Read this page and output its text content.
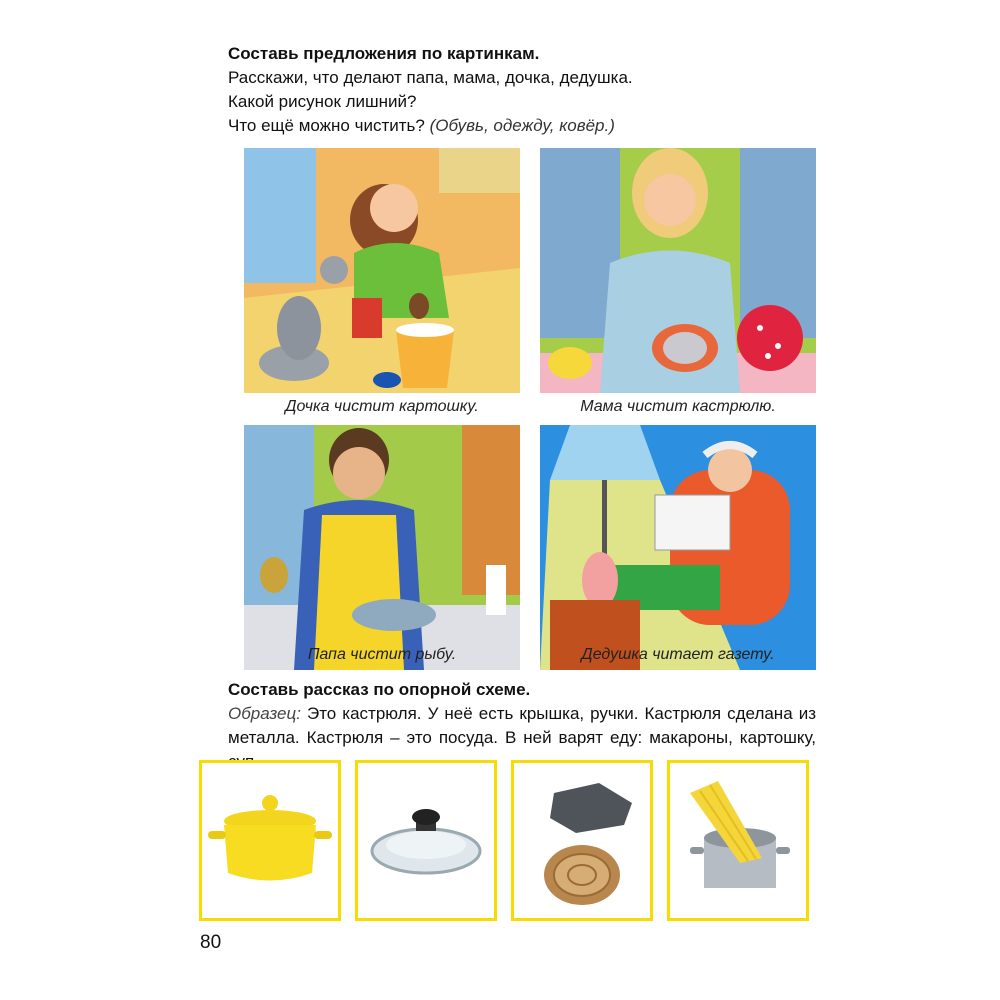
Составь предложения по картинкам.
Расскажи, что делают папа, мама, дочка, дедушка.
Какой рисунок лишний?
Что ещё можно чистить? (Обувь, одежду, ковёр.)
Дочка чистит картошку.	Мама чистит кастрюлю.
Папа чистит рыбу.	Дедушка читает газету.
Составь рассказ по опорной схеме.
Образец: Это кастрюля. У неё есть крышка, ручки. Кастрюля сделана из металла. Кастрюля – это посуда. В ней варят еду: макароны, картошку,
80
